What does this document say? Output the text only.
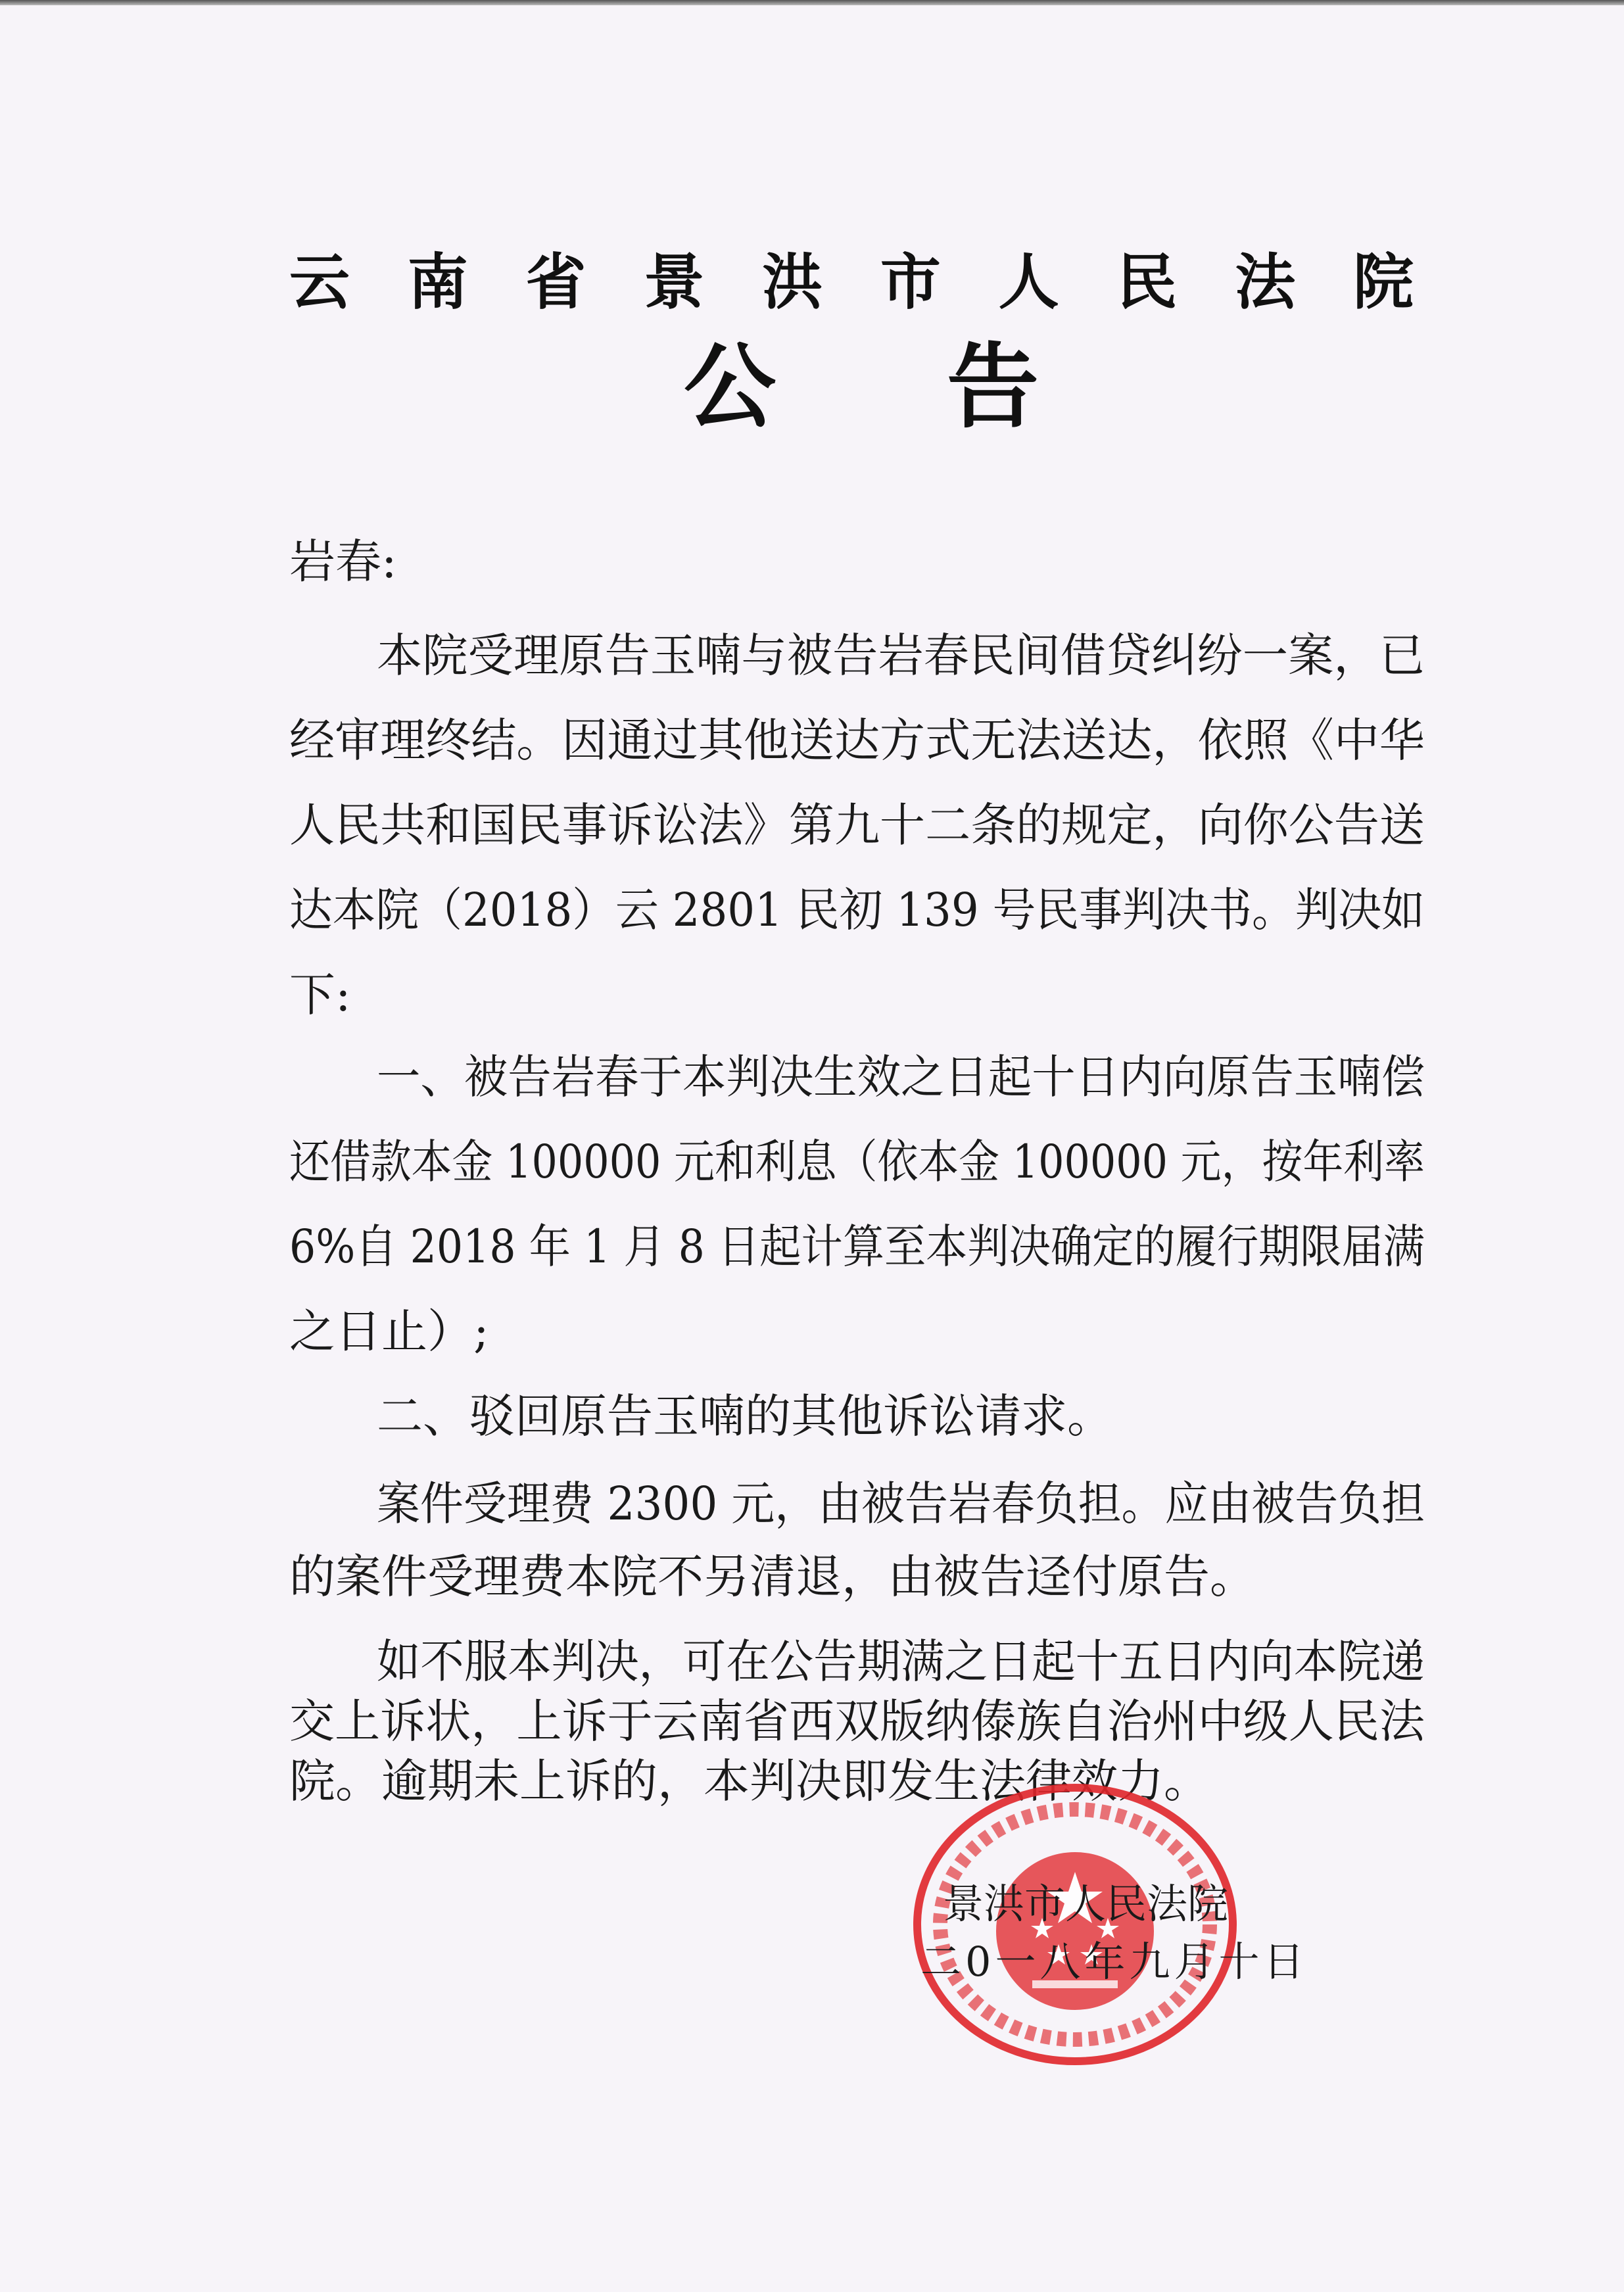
云南省景洪市人民法院
公告
岩春:
本院受理原告玉喃与被告岩春民间借贷纠纷一案，已
经审理终结。因通过其他送达方式无法送达，依照《中华
人民共和国民事诉讼法》第九十二条的规定，向你公告送
达本院（2018）云 2801 民初 139 号民事判决书。判决如
下:
一、被告岩春于本判决生效之日起十日内向原告玉喃偿
还借款本金 100000 元和利息（依本金 100000 元，按年利率
6%自 2018 年 1 月 8 日起计算至本判决确定的履行期限届满
之日止）;
二、驳回原告玉喃的其他诉讼请求。
案件受理费 2300 元，由被告岩春负担。应由被告负担
的案件受理费本院不另清退，由被告迳付原告。
如不服本判决，可在公告期满之日起十五日内向本院递
交上诉状，上诉于云南省西双版纳傣族自治州中级人民法
院。逾期未上诉的，本判决即发生法律效力。
景洪市人民法院
二0一八年九月十日
